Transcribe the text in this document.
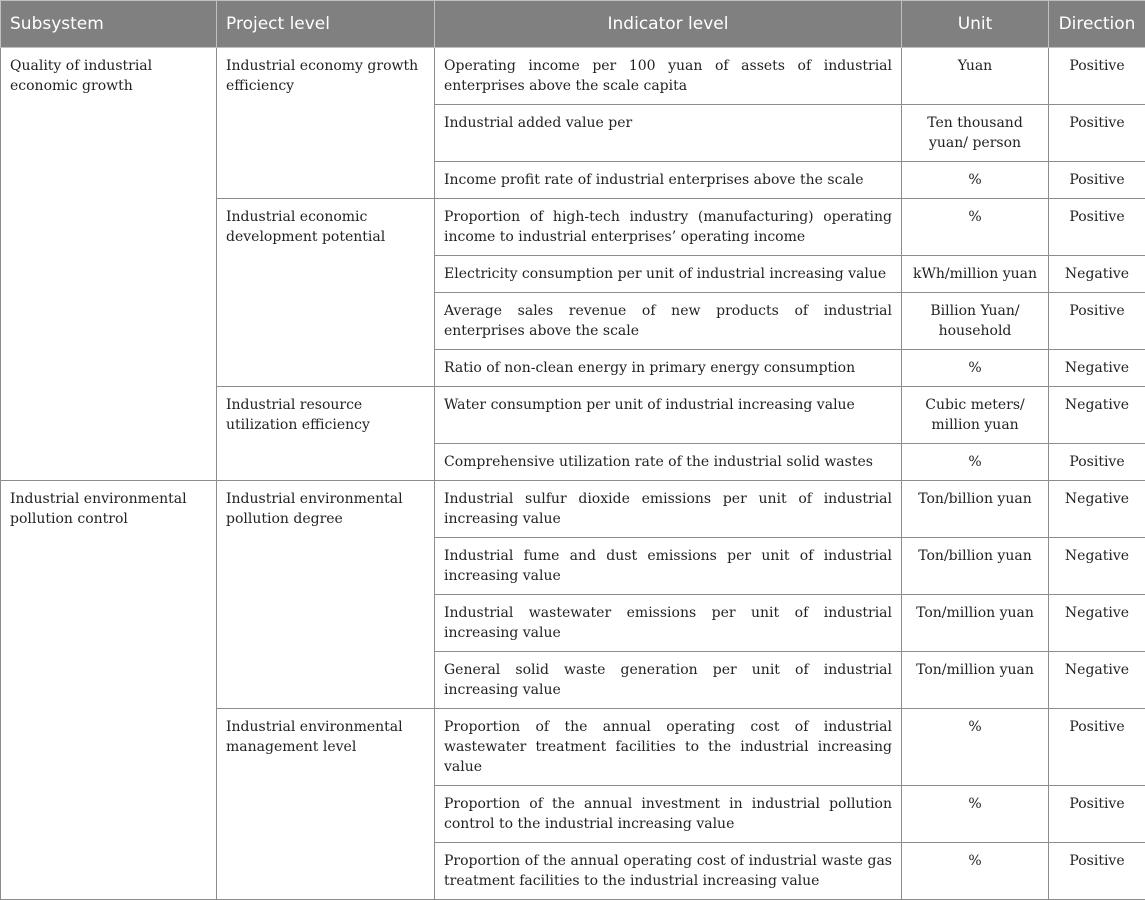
Subsystem	Project level	Indicator level	Unit	Direction
Quality of industrial economic growth	Industrial economy growth efficiency	Operating income per 100 yuan of assets of industrial enterprises above the scale capita	Yuan	Positive
		Industrial added value per	Ten thousand yuan/ person	Positive
		Income profit rate of industrial enterprises above the scale	%	Positive
	Industrial economic development potential	Proportion of high-tech industry (manufacturing) operating income to industrial enterprises’ operating income	%	Positive
		Electricity consumption per unit of industrial increasing value	kWh/million yuan	Negative
		Average sales revenue of new products of industrial enterprises above the scale	Billion Yuan/ household	Positive
		Ratio of non-clean energy in primary energy consumption	%	Negative
	Industrial resource utilization efficiency	Water consumption per unit of industrial increasing value	Cubic meters/ million yuan	Negative
		Comprehensive utilization rate of the industrial solid wastes	%	Positive
Industrial environmental pollution control	Industrial environmental pollution degree	Industrial sulfur dioxide emissions per unit of industrial increasing value	Ton/billion yuan	Negative
		Industrial fume and dust emissions per unit of industrial increasing value	Ton/billion yuan	Negative
		Industrial wastewater emissions per unit of industrial increasing value	Ton/million yuan	Negative
		General solid waste generation per unit of industrial increasing value	Ton/million yuan	Negative
	Industrial environmental management level	Proportion of the annual operating cost of industrial wastewater treatment facilities to the industrial increasing value	%	Positive
		Proportion of the annual investment in industrial pollution control to the industrial increasing value	%	Positive
		Proportion of the annual operating cost of industrial waste gas treatment facilities to the industrial increasing value	%	Positive
